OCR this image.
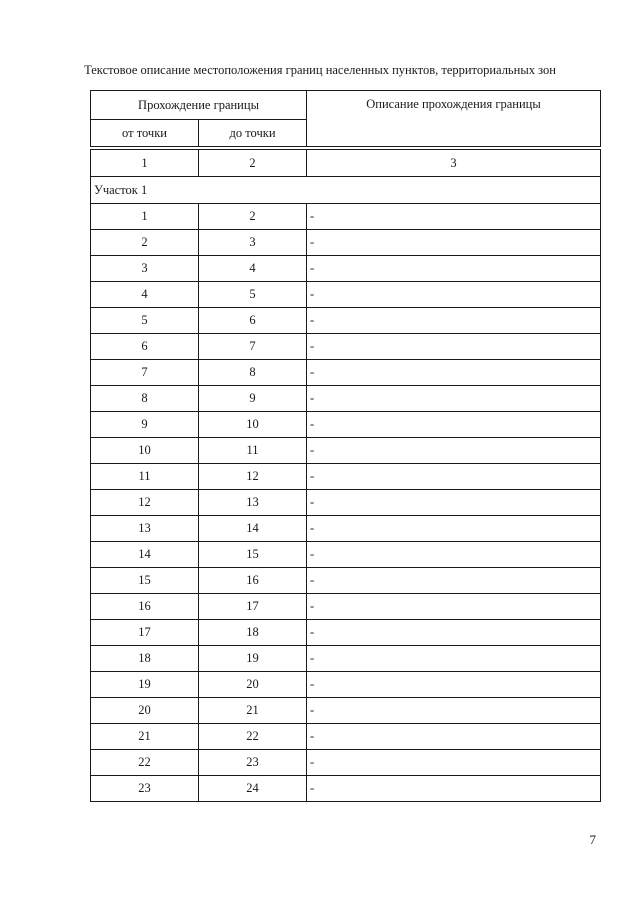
Текстовое описание местоположения границ населенных пунктов, территориальных зон
Прохождение границы		Описание прохождения границы
от точки	до точки	

1	2	3
Участок 1		
1	2	-
2	3	-
3	4	-
4	5	-
5	6	-
6	7	-
7	8	-
8	9	-
9	10	-
10	11	-
11	12	-
12	13	-
13	14	-
14	15	-
15	16	-
16	17	-
17	18	-
18	19	-
19	20	-
20	21	-
21	22	-
22	23	-
23	24	-
7
